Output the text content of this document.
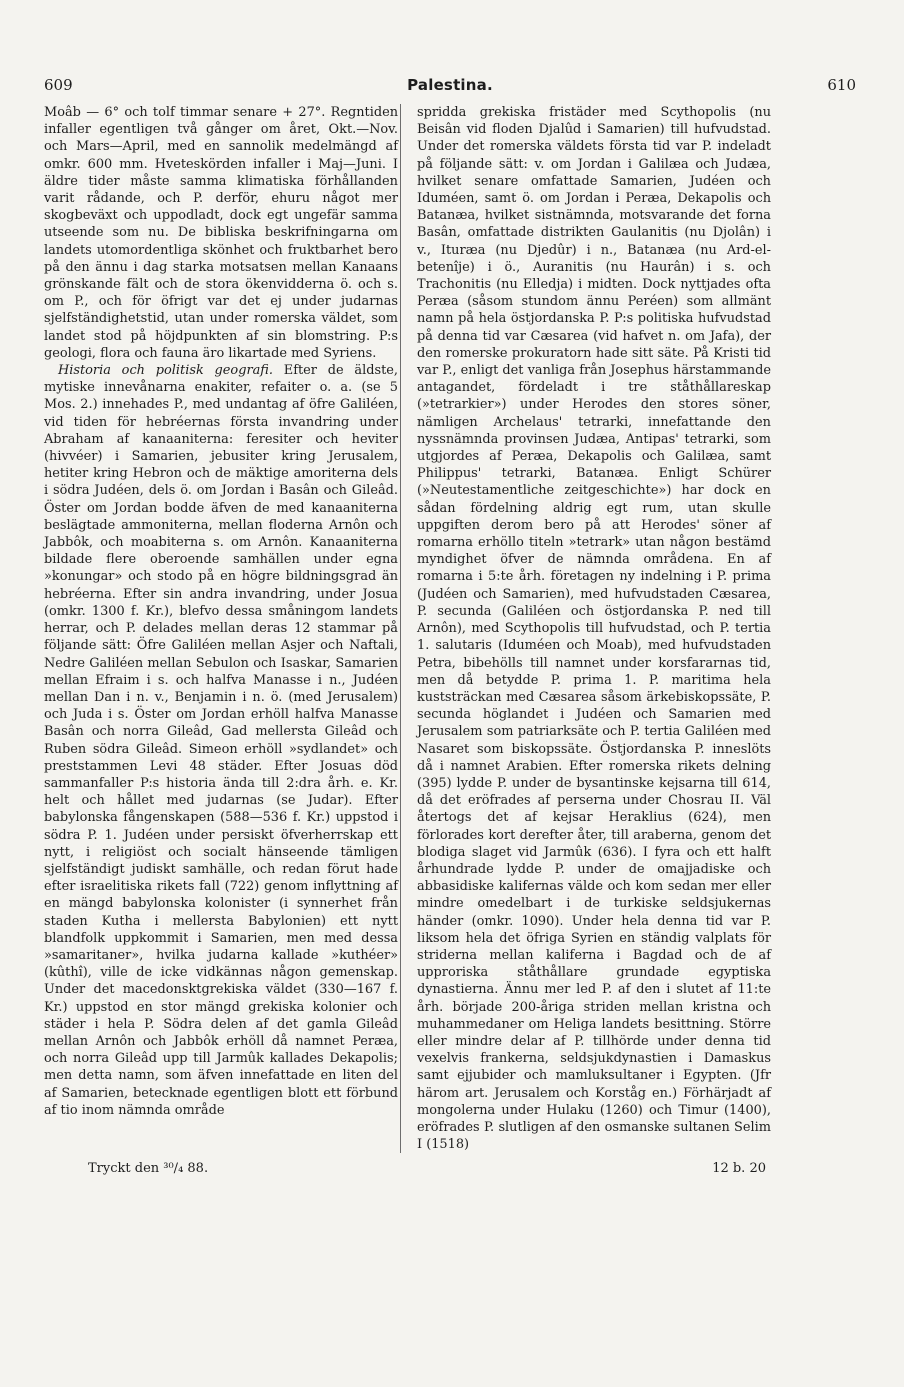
609	Palestina.	610

Moâb — 6° och tolf timmar senare + 27°. Regntiden infaller egentligen två gånger om året, Okt.—Nov. och Mars—April, med en sannolik medelmängd af omkr. 600 mm. Hveteskörden infaller i Maj—Juni. I äldre tider måste samma klimatiska förhållanden varit rådande, och P. derför, ehuru något mer skogbeväxt och uppodladt, dock egt ungefär samma utseende som nu. De bibliska beskrifningarna om landets utomordentliga skönhet och fruktbarhet bero på den ännu i dag starka motsatsen mellan Kanaans grönskande fält och de stora ökenvidderna ö. och s. om P., och för öfrigt var det ej under judarnas sjelfständighetstid, utan under romerska väldet, som landet stod på höjdpunkten af sin blomstring. P:s geologi, flora och fauna äro likartade med Syriens.

Historia och politisk geografi. Efter de äldste, mytiske innevånarna enakiter, refaiter o. a. (se 5 Mos. 2.) innehades P., med undantag af öfre Galiléen, vid tiden för hebréernas första invandring under Abraham af kanaaniterna: feresiter och heviter (hivvéer) i Samarien, jebusiter kring Jerusalem, hetiter kring Hebron och de mäktige amoriterna dels i södra Judéen, dels ö. om Jordan i Basân och Gileâd. Öster om Jordan bodde äfven de med kanaaniterna beslägtade ammoniterna, mellan floderna Arnôn och Jabbôk, och moabiterna s. om Arnôn. Kanaaniterna bildade flere oberoende samhällen under egna »konungar» och stodo på en högre bildningsgrad än hebréerna. Efter sin andra invandring, under Josua (omkr. 1300 f. Kr.), blefvo dessa småningom landets herrar, och P. delades mellan deras 12 stammar på följande sätt: Öfre Galiléen mellan Asjer och Naftali, Nedre Galiléen mellan Sebulon och Isaskar, Samarien mellan Efraim i s. och halfva Manasse i n., Judéen mellan Dan i n. v., Benjamin i n. ö. (med Jerusalem) och Juda i s. Öster om Jordan erhöll halfva Manasse Basân och norra Gileâd, Gad mellersta Gileâd och Ruben södra Gileâd. Simeon erhöll »sydlandet» och preststammen Levi 48 städer. Efter Josuas död sammanfaller P:s historia ända till 2:dra årh. e. Kr. helt och hållet med judarnas (se Judar). Efter babylonska fångenskapen (588—536 f. Kr.) uppstod i södra P. 1. Judéen under persiskt öfverherrskap ett nytt, i religiöst och socialt hänseende tämligen sjelfständigt judiskt samhälle, och redan förut hade efter israelitiska rikets fall (722) genom inflyttning af en mängd babylonska kolonister (i synnerhet från staden Kutha i mellersta Babylonien) ett nytt blandfolk uppkommit i Samarien, men med dessa »samaritaner», hvilka judarna kallade »kuthéer» (kûthî), ville de icke vidkännas någon gemenskap. Under det macedonsktgrekiska väldet (330—167 f. Kr.) uppstod en stor mängd grekiska kolonier och städer i hela P. Södra delen af det gamla Gileâd mellan Arnôn och Jabbôk erhöll då namnet Peræa, och norra Gileâd upp till Jarmûk kallades Dekapolis; men detta namn, som äfven innefattade en liten del af Samarien, betecknade egentligen blott ett förbund af tio inom nämnda område

spridda grekiska fristäder med Scythopolis (nu Beisân vid floden Djalûd i Samarien) till hufvudstad. Under det romerska väldets första tid var P. indeladt på följande sätt: v. om Jordan i Galilæa och Judæa, hvilket senare omfattade Samarien, Judéen och Iduméen, samt ö. om Jordan i Peræa, Dekapolis och Batanæa, hvilket sistnämnda, motsvarande det forna Basân, omfattade distrikten Gaulanitis (nu Djolân) i v., Ituræa (nu Djedûr) i n., Batanæa (nu Ard-el-betenîje) i ö., Auranitis (nu Haurân) i s. och Trachonitis (nu Elledja) i midten. Dock nyttjades ofta Peræa (såsom stundom ännu Peréen) som allmänt namn på hela östjordanska P. P:s politiska hufvudstad på denna tid var Cæsarea (vid hafvet n. om Jafa), der den romerske prokuratorn hade sitt säte. På Kristi tid var P., enligt det vanliga från Josephus härstammande antagandet, fördeladt i tre ståthållareskap (»tetrarkier») under Herodes den stores söner, nämligen Archelaus' tetrarki, innefattande den nyssnämnda provinsen Judæa, Antipas' tetrarki, som utgjordes af Peræa, Dekapolis och Galilæa, samt Philippus' tetrarki, Batanæa. Enligt Schürer (»Neutestamentliche zeitgeschichte») har dock en sådan fördelning aldrig egt rum, utan skulle uppgiften derom bero på att Herodes' söner af romarna erhöllo titeln »tetrark» utan någon bestämd myndighet öfver de nämnda områdena. En af romarna i 5:te årh. företagen ny indelning i P. prima (Judéen och Samarien), med hufvudstaden Cæsarea, P. secunda (Galiléen och östjordanska P. ned till Arnôn), med Scythopolis till hufvudstad, och P. tertia 1. salutaris (Iduméen och Moab), med hufvudstaden Petra, bibehölls till namnet under korsfararnas tid, men då betydde P. prima 1. P. maritima hela kuststräckan med Cæsarea såsom ärkebiskopssäte, P. secunda höglandet i Judéen och Samarien med Jerusalem som patriarksäte och P. tertia Galiléen med Nasaret som biskopssäte. Östjordanska P. inneslöts då i namnet Arabien. Efter romerska rikets delning (395) lydde P. under de bysantinske kejsarna till 614, då det eröfrades af perserna under Chosrau II. Väl återtogs det af kejsar Heraklius (624), men förlorades kort derefter åter, till araberna, genom det blodiga slaget vid Jarmûk (636). I fyra och ett halft århundrade lydde P. under de omajjadiske och abbasidiske kalifernas välde och kom sedan mer eller mindre omedelbart i de turkiske seldsjukernas händer (omkr. 1090). Under hela denna tid var P. liksom hela det öfriga Syrien en ständig valplats för striderna mellan kaliferna i Bagdad och de af upproriska ståthållare grundade egyptiska dynastierna. Ännu mer led P. af den i slutet af 11:te årh. började 200-åriga striden mellan kristna och muhammedaner om Heliga landets besittning. Större eller mindre delar af P. tillhörde under denna tid vexelvis frankerna, seldsjukdynastien i Damaskus samt ejjubider och mamluksultaner i Egypten. (Jfr härom art. Jerusalem och Korståg en.) Förhärjadt af mongolerna under Hulaku (1260) och Timur (1400), eröfrades P. slutligen af den osmanske sultanen Selim I (1518)

Tryckt den ³⁰/₄ 88.	12 b. 20
